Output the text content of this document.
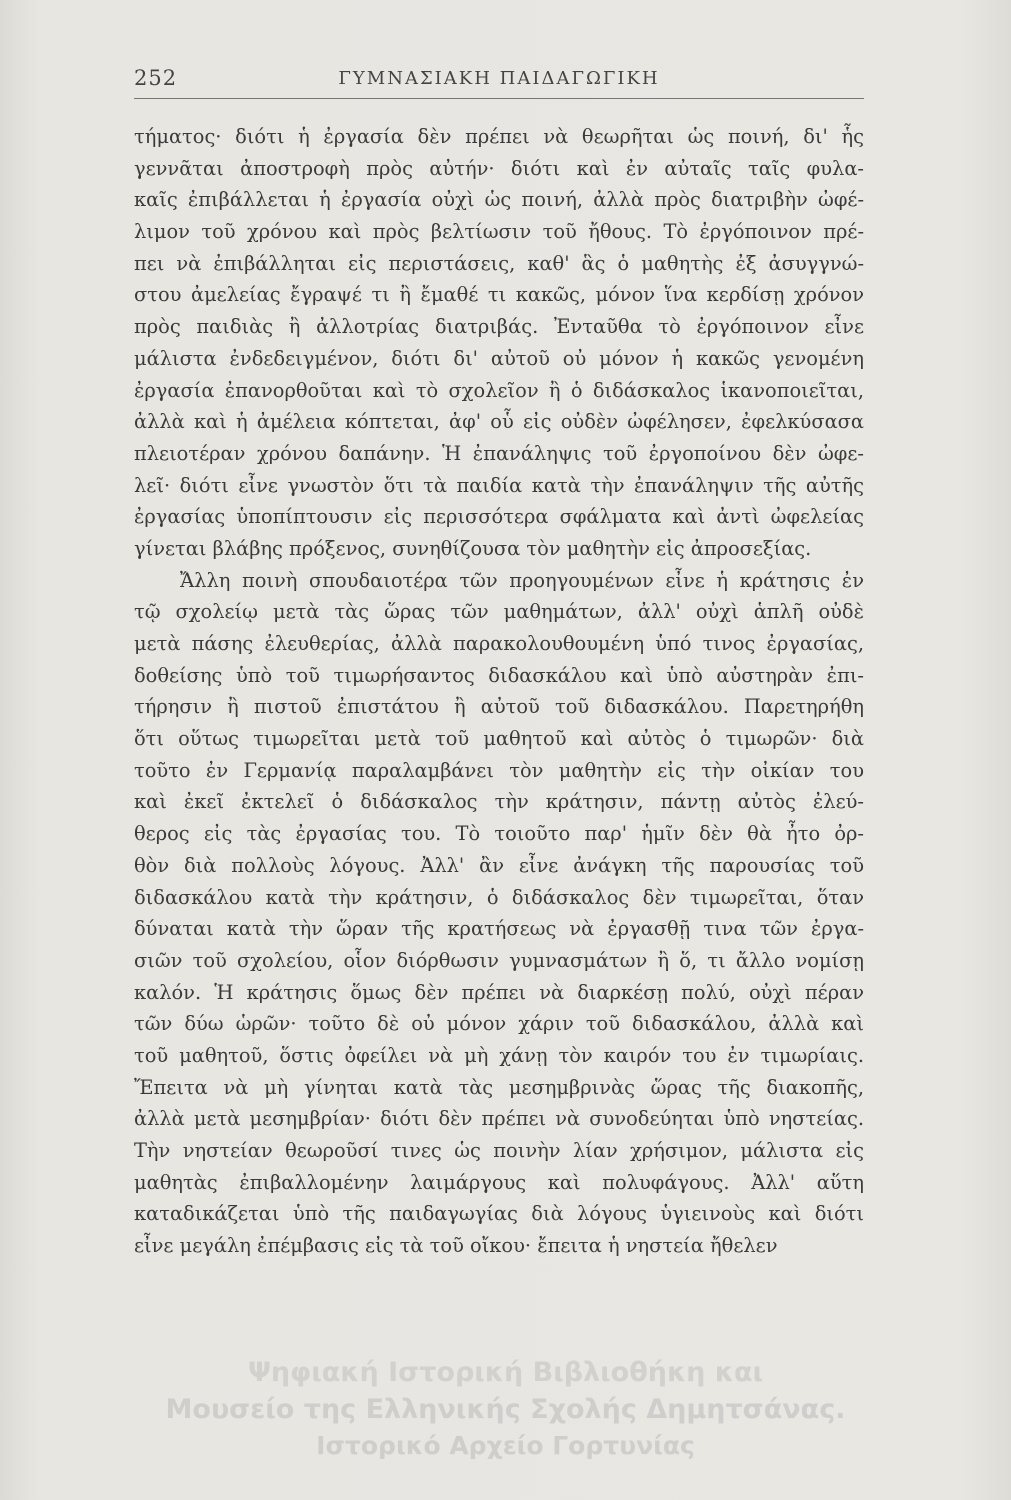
252	ΓΥΜΝΑΣΙΑΚΗ ΠΑΙΔΑΓΩΓΙΚΗ
τήματος· διότι ἡ ἐργασία δὲν πρέπει νὰ θεωρῆται ὡς ποινή, δι' ἧς
γεννᾶται ἀποστροφὴ πρὸς αὐτήν· διότι καὶ ἐν αὐταῖς ταῖς φυλα-
καῖς ἐπιβάλλεται ἡ ἐργασία οὐχὶ ὡς ποινή, ἀλλὰ πρὸς διατριβὴν ὠφέ-
λιμον τοῦ χρόνου καὶ πρὸς βελτίωσιν τοῦ ἤθους. Τὸ ἐργόποινον πρέ-
πει νὰ ἐπιβάλληται εἰς περιστάσεις, καθ' ἃς ὁ μαθητὴς ἐξ ἀσυγγνώ-
στου ἀμελείας ἔγραψέ τι ἢ ἔμαθέ τι κακῶς, μόνον ἵνα κερδίσῃ χρόνον
πρὸς παιδιὰς ἢ ἀλλοτρίας διατριβάς. Ἐνταῦθα τὸ ἐργόποινον εἶνε
μάλιστα ἐνδεδειγμένον, διότι δι' αὐτοῦ οὐ μόνον ἡ κακῶς γενομένη
ἐργασία ἐπανορθοῦται καὶ τὸ σχολεῖον ἢ ὁ διδάσκαλος ἱκανοποιεῖται,
ἀλλὰ καὶ ἡ ἀμέλεια κόπτεται, ἀφ' οὗ εἰς οὐδὲν ὠφέλησεν, ἐφελκύσασα
πλειοτέραν χρόνου δαπάνην. Ἡ ἐπανάληψις τοῦ ἐργοποίνου δὲν ὠφε-
λεῖ· διότι εἶνε γνωστὸν ὅτι τὰ παιδία κατὰ τὴν ἐπανάληψιν τῆς αὐτῆς
ἐργασίας ὑποπίπτουσιν εἰς περισσότερα σφάλματα καὶ ἀντὶ ὠφελείας
γίνεται βλάβης πρόξενος, συνηθίζουσα τὸν μαθητὴν εἰς ἀπροσεξίας.
Ἄλλη ποινὴ σπουδαιοτέρα τῶν προηγουμένων εἶνε ἡ κράτησις ἐν
τῷ σχολείῳ μετὰ τὰς ὥρας τῶν μαθημάτων, ἀλλ' οὐχὶ ἁπλῆ οὐδὲ
μετὰ πάσης ἐλευθερίας, ἀλλὰ παρακολουθουμένη ὑπό τινος ἐργασίας,
δοθείσης ὑπὸ τοῦ τιμωρήσαντος διδασκάλου καὶ ὑπὸ αὐστηρὰν ἐπι-
τήρησιν ἢ πιστοῦ ἐπιστάτου ἢ αὐτοῦ τοῦ διδασκάλου. Παρετηρήθη
ὅτι οὕτως τιμωρεῖται μετὰ τοῦ μαθητοῦ καὶ αὐτὸς ὁ τιμωρῶν· διὰ
τοῦτο ἐν Γερμανίᾳ παραλαμβάνει τὸν μαθητὴν εἰς τὴν οἰκίαν του
καὶ ἐκεῖ ἐκτελεῖ ὁ διδάσκαλος τὴν κράτησιν, πάντῃ αὐτὸς ἐλεύ-
θερος εἰς τὰς ἐργασίας του. Τὸ τοιοῦτο παρ' ἡμῖν δὲν θὰ ἦτο ὀρ-
θὸν διὰ πολλοὺς λόγους. Ἀλλ' ἂν εἶνε ἀνάγκη τῆς παρουσίας τοῦ
διδασκάλου κατὰ τὴν κράτησιν, ὁ διδάσκαλος δὲν τιμωρεῖται, ὅταν
δύναται κατὰ τὴν ὥραν τῆς κρατήσεως νὰ ἐργασθῇ τινα τῶν ἐργα-
σιῶν τοῦ σχολείου, οἷον διόρθωσιν γυμνασμάτων ἢ ὅ, τι ἄλλο νομίσῃ
καλόν. Ἡ κράτησις ὅμως δὲν πρέπει νὰ διαρκέσῃ πολύ, οὐχὶ πέραν
τῶν δύω ὡρῶν· τοῦτο δὲ οὐ μόνον χάριν τοῦ διδασκάλου, ἀλλὰ καὶ
τοῦ μαθητοῦ, ὅστις ὀφείλει νὰ μὴ χάνῃ τὸν καιρόν του ἐν τιμωρίαις.
Ἔπειτα νὰ μὴ γίνηται κατὰ τὰς μεσημβρινὰς ὥρας τῆς διακοπῆς,
ἀλλὰ μετὰ μεσημβρίαν· διότι δὲν πρέπει νὰ συνοδεύηται ὑπὸ νηστείας.
Τὴν νηστείαν θεωροῦσί τινες ὡς ποινὴν λίαν χρήσιμον, μάλιστα εἰς
μαθητὰς ἐπιβαλλομένην λαιμάργους καὶ πολυφάγους. Ἀλλ' αὕτη
καταδικάζεται ὑπὸ τῆς παιδαγωγίας διὰ λόγους ὑγιεινοὺς καὶ διότι
εἶνε μεγάλη ἐπέμβασις εἰς τὰ τοῦ οἴκου· ἔπειτα ἡ νηστεία ἤθελεν
Ψηφιακή Ιστορική Βιβλιοθήκη και
Μουσείο της Ελληνικής Σχολής Δημητσάνας.
Ιστορικό Αρχείο Γορτυνίας
